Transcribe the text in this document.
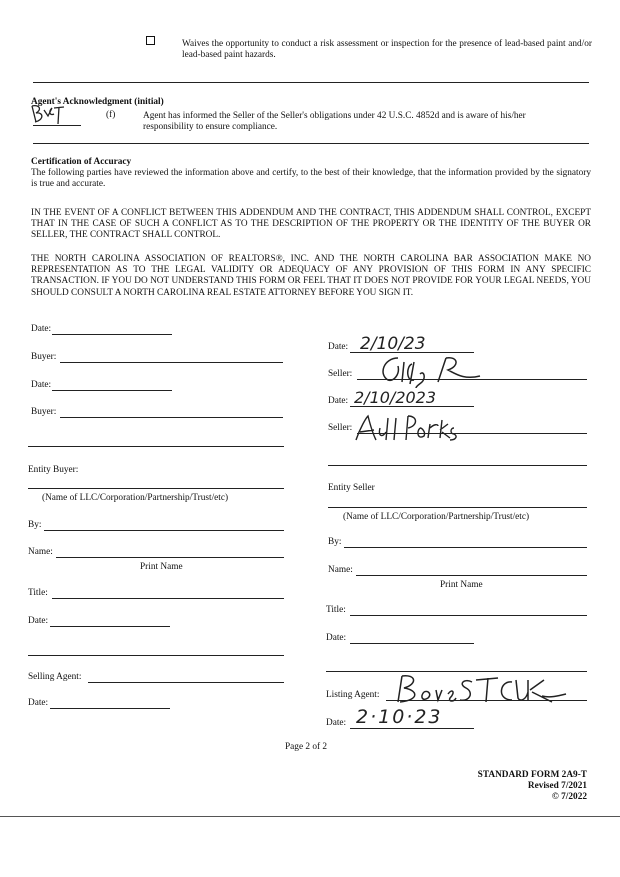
Waives the opportunity to conduct a risk assessment or inspection for the presence of lead-based paint and/or lead-based paint hazards.
Agent's Acknowledgment (initial)
(f)	Agent has informed the Seller of the Seller's obligations under 42 U.S.C. 4852d and is aware of his/her responsibility to ensure compliance.
Certification of Accuracy
The following parties have reviewed the information above and certify, to the best of their knowledge, that the information provided by the signatory is true and accurate.
IN THE EVENT OF A CONFLICT BETWEEN THIS ADDENDUM AND THE CONTRACT, THIS ADDENDUM SHALL CONTROL, EXCEPT THAT IN THE CASE OF SUCH A CONFLICT AS TO THE DESCRIPTION OF THE PROPERTY OR THE IDENTITY OF THE BUYER OR SELLER, THE CONTRACT SHALL CONTROL.
THE NORTH CAROLINA ASSOCIATION OF REALTORS®, INC. AND THE NORTH CAROLINA BAR ASSOCIATION MAKE NO REPRESENTATION AS TO THE LEGAL VALIDITY OR ADEQUACY OF ANY PROVISION OF THIS FORM IN ANY SPECIFIC TRANSACTION. IF YOU DO NOT UNDERSTAND THIS FORM OR FEEL THAT IT DOES NOT PROVIDE FOR YOUR LEGAL NEEDS, YOU SHOULD CONSULT A NORTH CAROLINA REAL ESTATE ATTORNEY BEFORE YOU SIGN IT.
Date:
Buyer:
Date:
Buyer:
Entity Buyer:
(Name of LLC/Corporation/Partnership/Trust/etc)
By:
Name:
Print Name
Title:
Date:
Selling Agent:
Date:
Date: 2/10/23
Seller:
Date: 2/10/2023
Seller:
Entity Seller
(Name of LLC/Corporation/Partnership/Trust/etc)
By:
Name:
Print Name
Title:
Date:
Listing Agent:
Date: 2·10·23
Page 2 of 2
STANDARD FORM 2A9-T
Revised 7/2021
© 7/2022
